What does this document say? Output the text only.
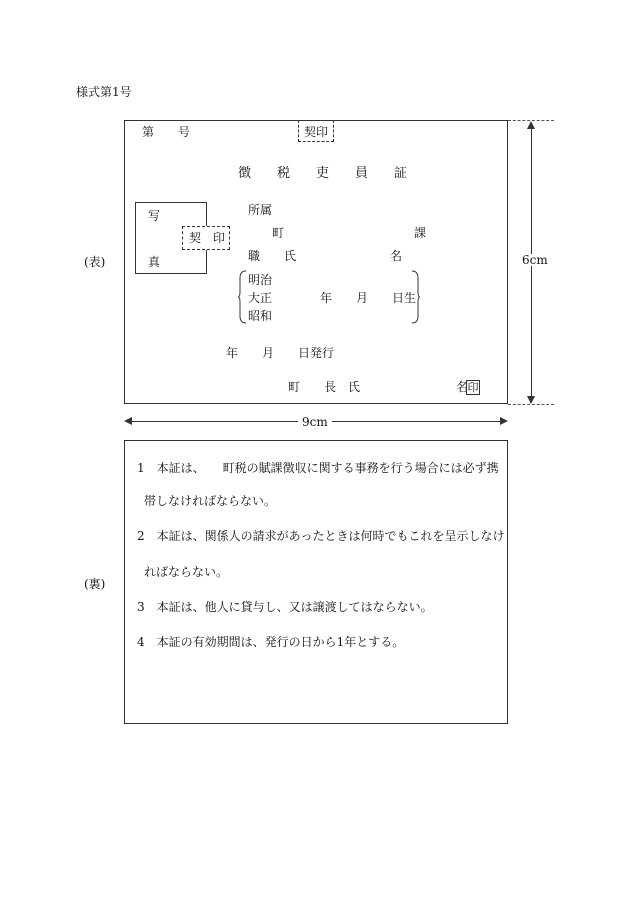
様式第1号
(表)
第 号	契印
徴　　税　　吏　　員　　証
写
真
契　印
所属
町	課
職　　氏	名
明治
大正
昭和
年 月 日生
年　　月　　日発行
町　　長　氏	名 印
6cm
9cm
(裏)
1　本証は、　　町税の賦課徴収に関する事務を行う場合には必ず携
帯しなければならない。
2　本証は、関係人の請求があったときは何時でもこれを呈示しなけ
ればならない。
3　本証は、他人に貸与し、又は譲渡してはならない。
4　本証の有効期間は、発行の日から1年とする。
